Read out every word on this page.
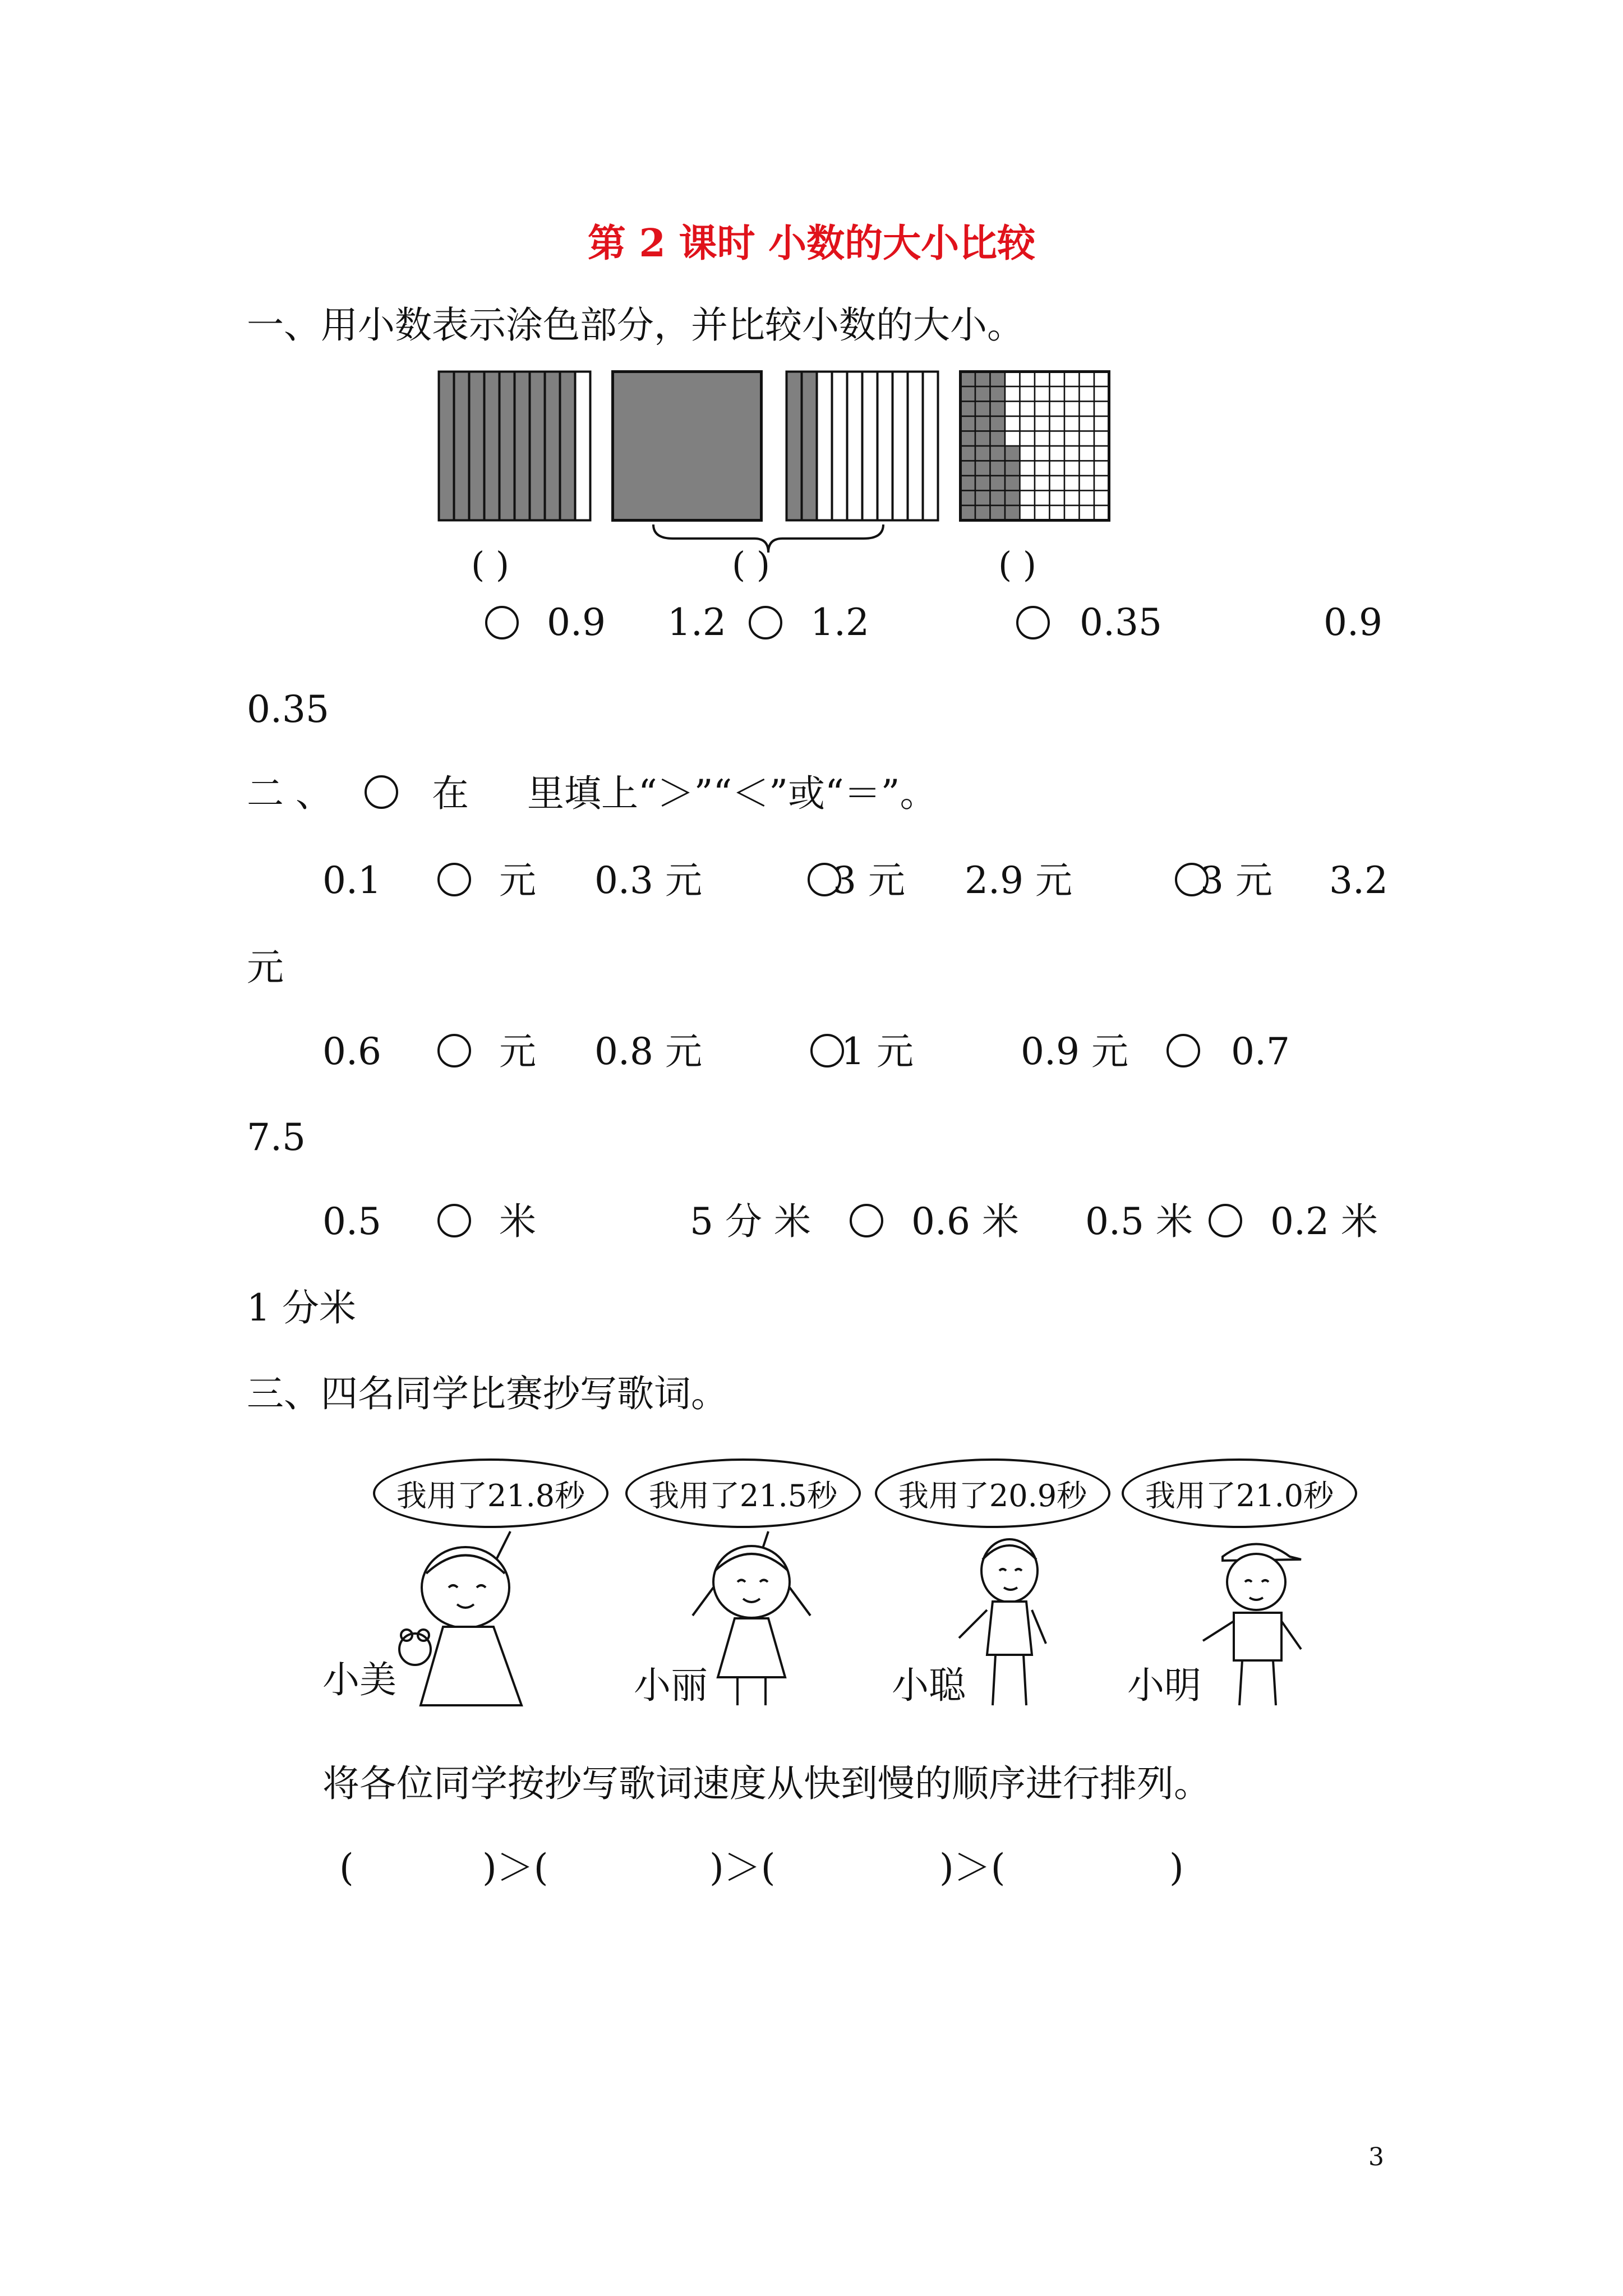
第 2 课时 小数的大小比较
一、用小数表示涂色部分，并比较小数的大小。
( )	( )	( )
0.9 1.2 1.2	0.35	0.9
0.35
二 、	在 里填上“＞”“＜”或“＝”。
0.1	元 0.3 元	3 元 2.9 元	3 元 3.2
元
0.6	元 0.8 元	1 元	0.9 元	0.7
7.5
0.5	米	5 分 米	0.6 米 0.5 米 0.2 米
1 分米
三、四名同学比赛抄写歌词。
我用了21.8秒	我用了21.5秒	我用了20.9秒	我用了21.0秒
小美	小丽	小聪	小明
将各位同学按抄写歌词速度从快到慢的顺序进行排列。
(	)＞(	)＞(	)＞(	)
3
